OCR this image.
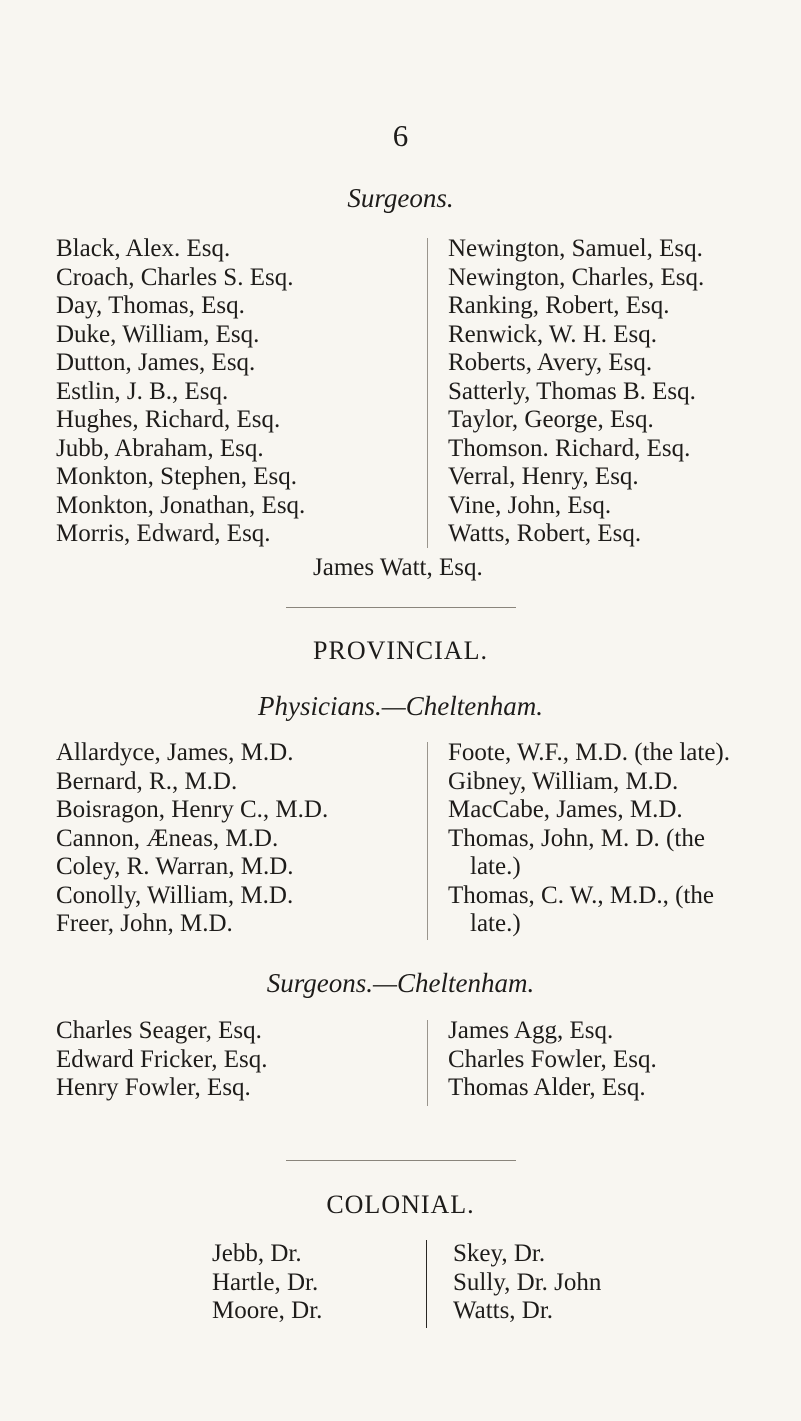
6
Surgeons.
Black, Alex. Esq.
Croach, Charles S. Esq.
Day, Thomas, Esq.
Duke, William, Esq.
Dutton, James, Esq.
Estlin, J. B., Esq.
Hughes, Richard, Esq.
Jubb, Abraham, Esq.
Monkton, Stephen, Esq.
Monkton, Jonathan, Esq.
Morris, Edward, Esq.
Newington, Samuel, Esq.
Newington, Charles, Esq.
Ranking, Robert, Esq.
Renwick, W. H. Esq.
Roberts, Avery, Esq.
Satterly, Thomas B. Esq.
Taylor, George, Esq.
Thomson. Richard, Esq.
Verral, Henry, Esq.
Vine, John, Esq.
Watts, Robert, Esq.
James Watt, Esq.
PROVINCIAL.
Physicians.—Cheltenham.
Allardyce, James, M.D.
Bernard, R., M.D.
Boisragon, Henry C., M.D.
Cannon, Æneas, M.D.
Coley, R. Warran, M.D.
Conolly, William, M.D.
Freer, John, M.D.
Foote, W.F., M.D. (the late).
Gibney, William, M.D.
MacCabe, James, M.D.
Thomas, John, M. D. (the
late.)
Thomas, C. W., M.D., (the
late.)
Surgeons.—Cheltenham.
Charles Seager, Esq.
Edward Fricker, Esq.
Henry Fowler, Esq.
James Agg, Esq.
Charles Fowler, Esq.
Thomas Alder, Esq.
COLONIAL.
Jebb, Dr.
Hartle, Dr.
Moore, Dr.
Skey, Dr.
Sully, Dr. John
Watts, Dr.
